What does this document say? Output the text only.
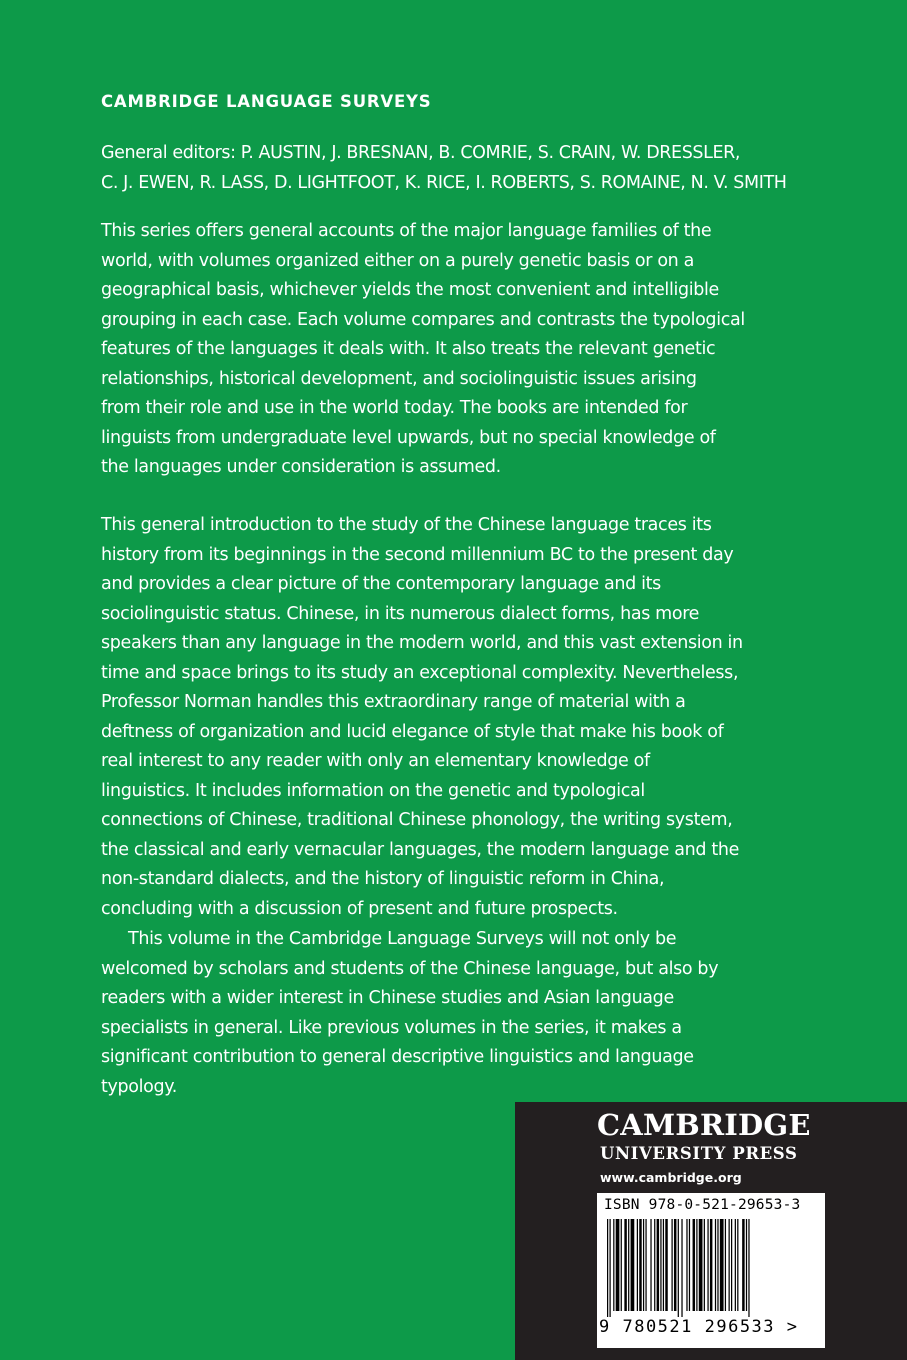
CAMBRIDGE LANGUAGE SURVEYS
General editors: P. AUSTIN, J. BRESNAN, B. COMRIE, S. CRAIN, W. DRESSLER,
C. J. EWEN, R. LASS, D. LIGHTFOOT, K. RICE, I. ROBERTS, S. ROMAINE, N. V. SMITH
This series offers general accounts of the major language families of the
world, with volumes organized either on a purely genetic basis or on a
geographical basis, whichever yields the most convenient and intelligible
grouping in each case. Each volume compares and contrasts the typological
features of the languages it deals with. It also treats the relevant genetic
relationships, historical development, and sociolinguistic issues arising
from their role and use in the world today. The books are intended for
linguists from undergraduate level upwards, but no special knowledge of
the languages under consideration is assumed.
This general introduction to the study of the Chinese language traces its
history from its beginnings in the second millennium BC to the present day
and provides a clear picture of the contemporary language and its
sociolinguistic status. Chinese, in its numerous dialect forms, has more
speakers than any language in the modern world, and this vast extension in
time and space brings to its study an exceptional complexity. Nevertheless,
Professor Norman handles this extraordinary range of material with a
deftness of organization and lucid elegance of style that make his book of
real interest to any reader with only an elementary knowledge of
linguistics. It includes information on the genetic and typological
connections of Chinese, traditional Chinese phonology, the writing system,
the classical and early vernacular languages, the modern language and the
non-standard dialects, and the history of linguistic reform in China,
concluding with a discussion of present and future prospects.
This volume in the Cambridge Language Surveys will not only be
welcomed by scholars and students of the Chinese language, but also by
readers with a wider interest in Chinese studies and Asian language
specialists in general. Like previous volumes in the series, it makes a
significant contribution to general descriptive linguistics and language
typology.
CAMBRIDGE
UNIVERSITY PRESS
www.cambridge.org
ISBN 978-0-521-29653-3
9 780521 296533 >
